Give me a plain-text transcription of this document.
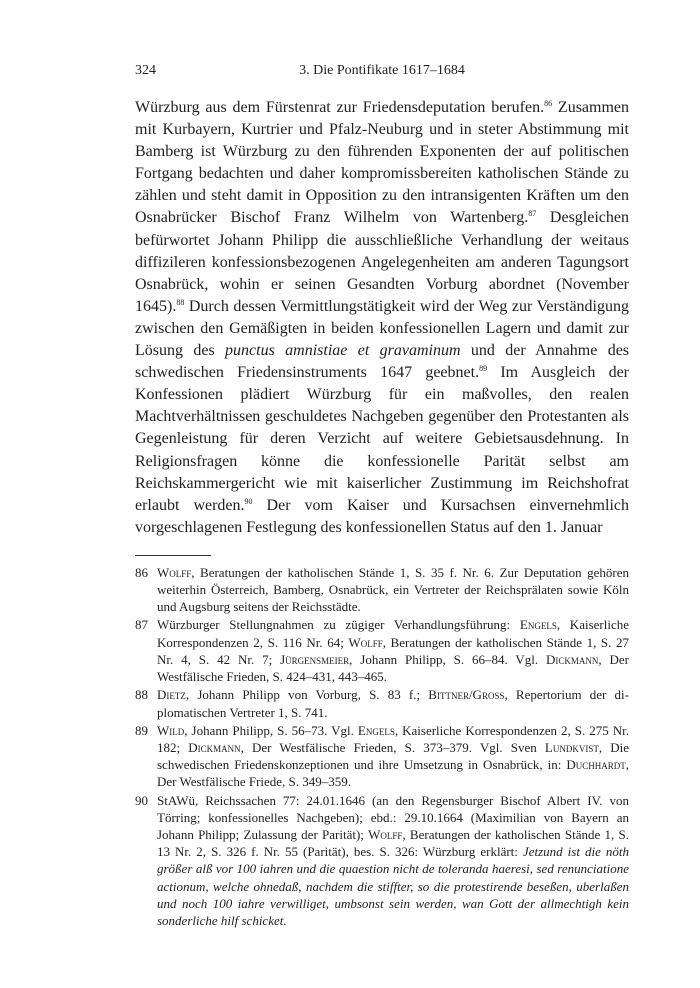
324	3. Die Pontifikate 1617–1684

Würzburg aus dem Fürstenrat zur Friedensdeputation berufen.$^{86}$ Zusammen mit Kurbayern, Kurtrier und Pfalz-Neuburg und in steter Abstimmung mit Bamberg ist Würzburg zu den führenden Exponenten der auf politischen Fortgang bedachten und daher kompromissbereiten katholischen Stände zu zählen und steht damit in Opposition zu den intransigenten Kräften um den Osnabrücker Bischof Franz Wilhelm von Wartenberg.$^{87}$ Desgleichen befürwortet Johann Philipp die ausschließliche Verhandlung der weitaus diffizileren konfessionsbezogenen Angelegenheiten am anderen Tagungsort Osnabrück, wohin er seinen Gesandten Vorburg abordnet (November 1645).$^{88}$ Durch dessen Vermittlungstätigkeit wird der Weg zur Verständigung zwischen den Gemäßigten in beiden konfessionellen Lagern und damit zur Lösung des punctus amnistiae et gravaminum und der Annahme des schwedischen Friedensinstruments 1647 geebnet.$^{89}$ Im Ausgleich der Konfessionen plädiert Würzburg für ein maßvolles, den realen Machtverhältnissen geschuldetes Nachgeben gegenüber den Protestanten als Gegenleistung für deren Verzicht auf weitere Gebietsausdehnung. In Religionsfragen könne die konfessionelle Parität selbst am Reichskammergericht wie mit kaiserlicher Zustimmung im Reichshofrat erlaubt werden.$^{90}$ Der vom Kaiser und Kursachsen einvernehmlich vorgeschlagenen Festlegung des konfessionellen Status auf den 1. Januar

86 Wolff, Beratungen der katholischen Stände 1, S. 35 f. Nr. 6. Zur Deputation gehören weiterhin Österreich, Bamberg, Osnabrück, ein Vertreter der Reichsprälaten sowie Köln und Augsburg seitens der Reichsstädte.
87 Würzburger Stellungnahmen zu zügiger Verhandlungsführung: Engels, Kaiserliche Korrespondenzen 2, S. 116 Nr. 64; Wolff, Beratungen der katholischen Stände 1, S. 27 Nr. 4, S. 42 Nr. 7; Jürgensmeier, Johann Philipp, S. 66–84. Vgl. Dickmann, Der Westfälische Frieden, S. 424–431, 443–465.
88 Dietz, Johann Philipp von Vorburg, S. 83 f.; Bittner/Gross, Repertorium der diplomatischen Vertreter 1, S. 741.
89 Wild, Johann Philipp, S. 56–73. Vgl. Engels, Kaiserliche Korrespondenzen 2, S. 275 Nr. 182; Dickmann, Der Westfälische Frieden, S. 373–379. Vgl. Sven Lundkvist, Die schwedischen Friedenskonzeptionen und ihre Umsetzung in Osnabrück, in: Duchhardt, Der Westfälische Friede, S. 349–359.
90 StAWü, Reichssachen 77: 24.01.1646 (an den Regensburger Bischof Albert IV. von Törring; konfessionelles Nachgeben); ebd.: 29.10.1664 (Maximilian von Bayern an Johann Philipp; Zulassung der Parität); Wolff, Beratungen der katholischen Stände 1, S. 13 Nr. 2, S. 326 f. Nr. 55 (Parität), bes. S. 326: Würzburg erklärt: Jetzund ist die nöth größer alß vor 100 iahren und die quaestion nicht de toleranda haeresi, sed renunciatione actionum, welche ohnedaß, nachdem die stiffter, so die protestirende beseßen, uberlaßen und noch 100 iahre verwilliget, umbsonst sein werden, wan Gott der allmechtigh kein sonderliche hilf schicket.
